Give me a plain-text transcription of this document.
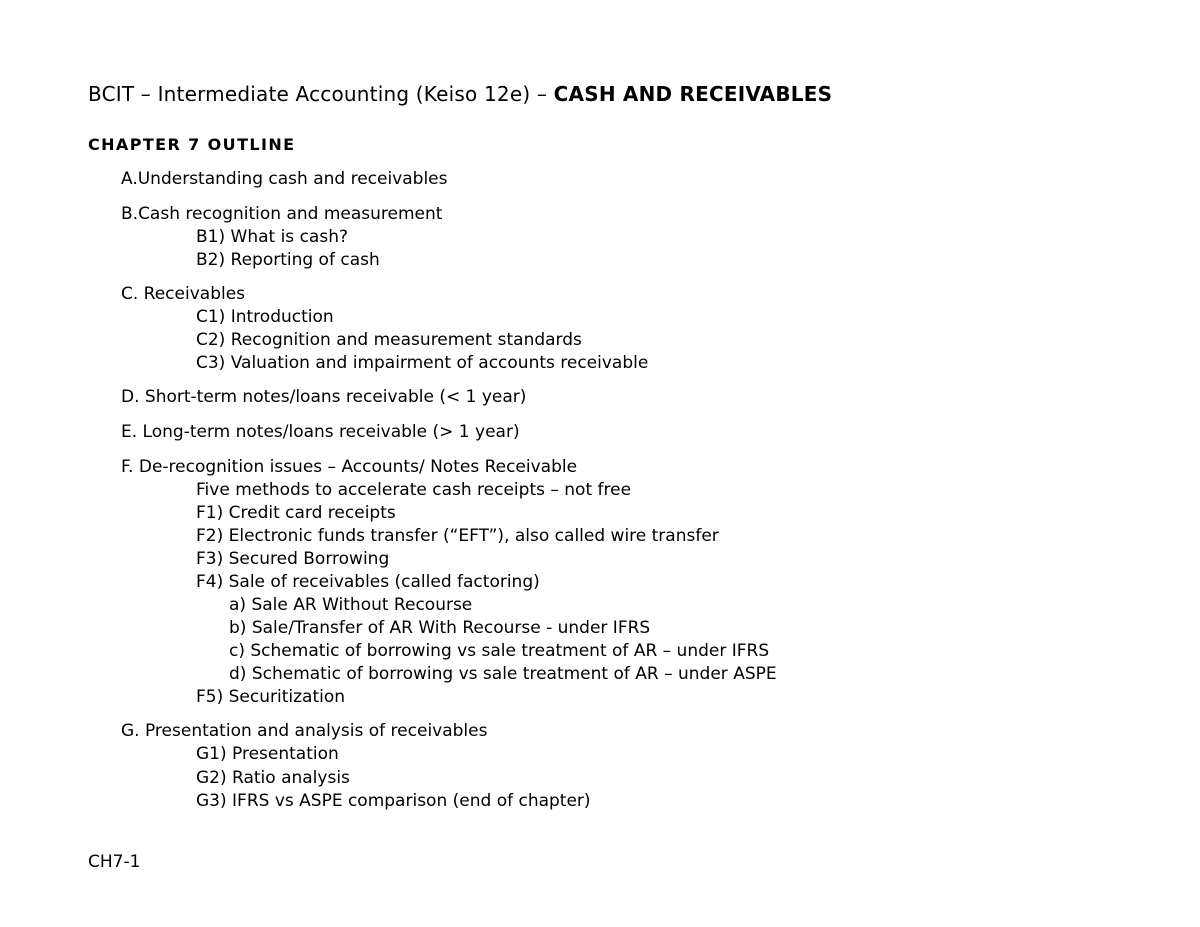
BCIT – Intermediate Accounting (Keiso 12e) – CASH AND RECEIVABLES
CHAPTER 7 OUTLINE
A.Understanding cash and receivables
B.Cash recognition and measurement
B1) What is cash?
B2) Reporting of cash
C. Receivables
C1) Introduction
C2) Recognition and measurement standards
C3) Valuation and impairment of accounts receivable
D. Short-term notes/loans receivable (< 1 year)
E. Long-term notes/loans receivable (> 1 year)
F. De-recognition issues – Accounts/ Notes Receivable
Five methods to accelerate cash receipts – not free
F1) Credit card receipts
F2) Electronic funds transfer (“EFT”), also called wire transfer
F3) Secured Borrowing
F4) Sale of receivables (called factoring)
a) Sale AR Without Recourse
b) Sale/Transfer of AR With Recourse - under IFRS
c) Schematic of borrowing vs sale treatment of AR – under IFRS
d) Schematic of borrowing vs sale treatment of AR – under ASPE
F5) Securitization
G. Presentation and analysis of receivables
G1) Presentation
G2) Ratio analysis
G3) IFRS vs ASPE comparison (end of chapter)
CH7-1
